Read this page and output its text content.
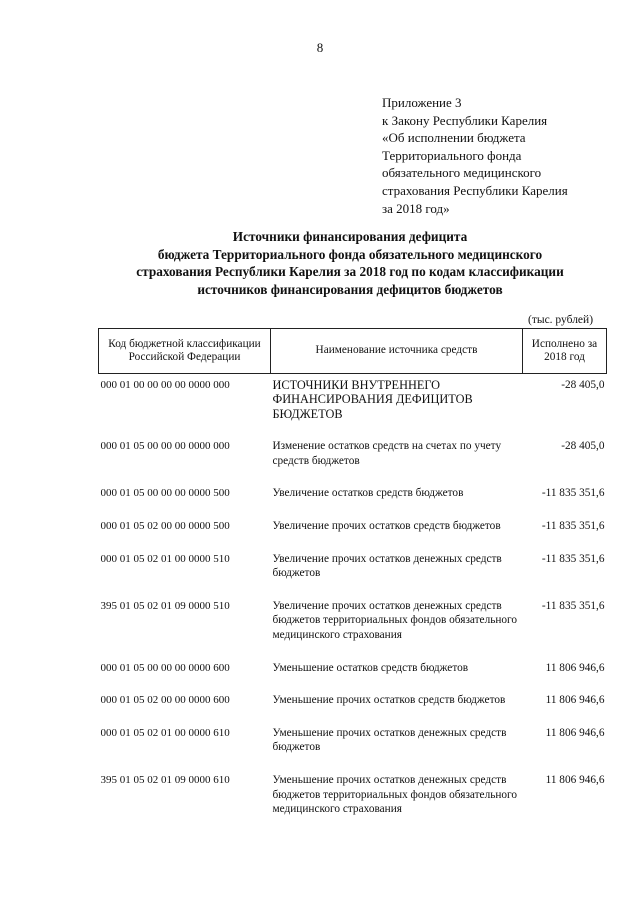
8
Приложение 3
к Закону Республики Карелия
«Об исполнении бюджета
Территориального фонда
обязательного медицинского
страхования Республики Карелия
за 2018 год»
Источники финансирования дефицита
бюджета Территориального фонда обязательного медицинского
страхования Республики Карелия за 2018 год по кодам классификации
источников финансирования дефицитов бюджетов
(тыс. рублей)
Код бюджетной классификации Российской Федерации	Наименование источника средств	Исполнено за 2018 год
000 01 00 00 00 00 0000 000	ИСТОЧНИКИ ВНУТРЕННЕГО ФИНАНСИРОВАНИЯ ДЕФИЦИТОВ БЮДЖЕТОВ	-28 405,0
000 01 05 00 00 00 0000 000	Изменение остатков средств на счетах по учету средств бюджетов	-28 405,0
000 01 05 00 00 00 0000 500	Увеличение остатков средств бюджетов	-11 835 351,6
000 01 05 02 00 00 0000 500	Увеличение прочих остатков средств бюджетов	-11 835 351,6
000 01 05 02 01 00 0000 510	Увеличение прочих остатков денежных средств бюджетов	-11 835 351,6
395 01 05 02 01 09 0000 510	Увеличение прочих остатков денежных средств бюджетов территориальных фондов обязательного медицинского страхования	-11 835 351,6
000 01 05 00 00 00 0000 600	Уменьшение остатков средств бюджетов	11 806 946,6
000 01 05 02 00 00 0000 600	Уменьшение прочих остатков средств бюджетов	11 806 946,6
000 01 05 02 01 00 0000 610	Уменьшение прочих остатков денежных средств бюджетов	11 806 946,6
395 01 05 02 01 09 0000 610	Уменьшение прочих остатков денежных средств бюджетов территориальных фондов обязательного медицинского страхования	11 806 946,6
